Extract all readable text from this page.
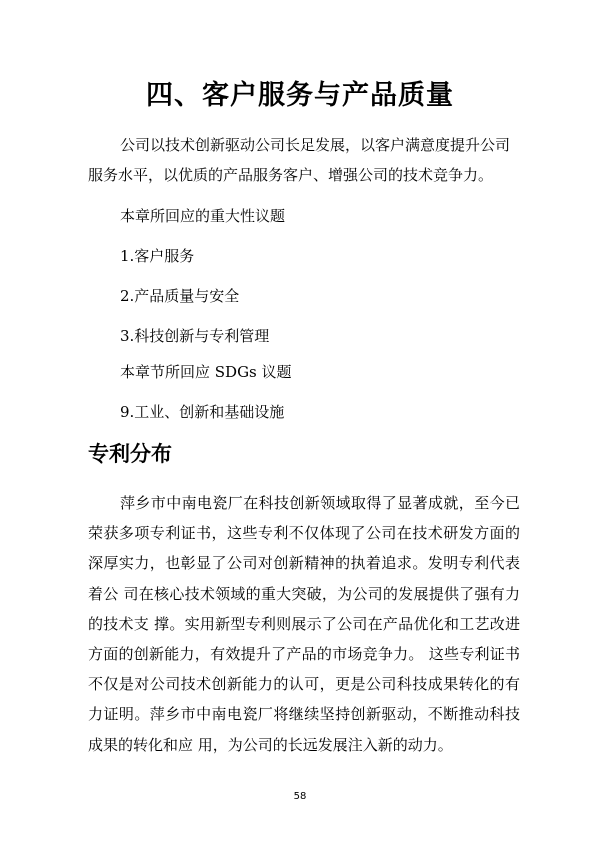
四、客户服务与产品质量

公司以技术创新驱动公司长足发展，以客户满意度提升公司服务水平，以优质的产品服务客户、增强公司的技术竞争力。

本章所回应的重大性议题

1.客户服务

2.产品质量与安全

3.科技创新与专利管理

本章节所回应 SDGs 议题

9.工业、创新和基础设施

专利分布

萍乡市中南电瓷厂在科技创新领域取得了显著成就，至今已荣获多项专利证书，这些专利不仅体现了公司在技术研发方面的 深厚实力，也彰显了公司对创新精神的执着追求。发明专利代表着公 司在核心技术领域的重大突破，为公司的发展提供了强有力的技术支 撑。实用新型专利则展示了公司在产品优化和工艺改进方面的创新能力，有效提升了产品的市场竞争力。 这些专利证书不仅是对公司技术创新能力的认可，更是公司科技成果转化的有力证明。萍乡市中南电瓷厂将继续坚持创新驱动，不断推动科技成果的转化和应 用，为公司的长远发展注入新的动力。

58
